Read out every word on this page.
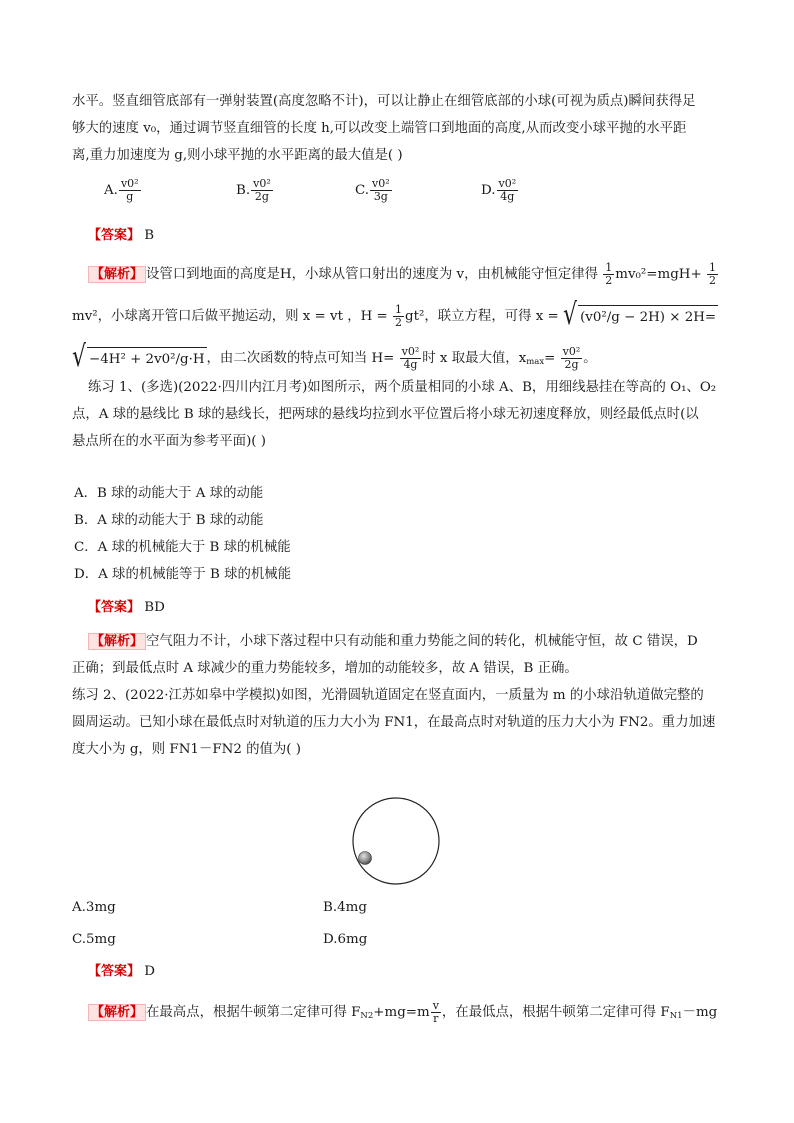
水平。竖直细管底部有一弹射装置(高度忽略不计)，可以让静止在细管底部的小球(可视为质点)瞬间获得足
够大的速度 v₀，通过调节竖直细管的长度 h,可以改变上端管口到地面的高度,从而改变小球平抛的水平距
离,重力加速度为 g,则小球平抛的水平距离的最大值是( )
A. $\frac{\text{v0²}}{g}$	B. $\frac{\text{v0²}}{2g}$	C. $\frac{\text{v0²}}{3g}$	D. $\frac{\text{v0²}}{4g}$
【答案】 B
【解析】 设管口到地面的高度是H，小球从管口射出的速度为 v，由机械能守恒定律得 $\frac{1}{2} mv_0^2=mgH+ \frac{1}{2}$
mv²，小球离开管口后做平抛运动，则 x = vt ，$H = \frac{1}{2} gt^2$，联立方程，可得 x = √ (v0²/g − 2H) × 2H=
√ −4H² + 2v0²/g·H ，由二次函数的特点可知当 $H= \frac{\text{v0²}}{4g}$ 时 x 取最大值，$x_{max}= \frac{\text{v0²}}{2g}$ 。
练习 1、(多选)(2022·四川内江月考)如图所示，两个质量相同的小球 A、B，用细线悬挂在等高的 O₁、O₂
点，A 球的悬线比 B 球的悬线长，把两球的悬线均拉到水平位置后将小球无初速度释放，则经最低点时(以
悬点所在的水平面为参考平面)( )
A．B 球的动能大于 A 球的动能
B．A 球的动能大于 B 球的动能
C．A 球的机械能大于 B 球的机械能
D．A 球的机械能等于 B 球的机械能
【答案】 BD
【解析】 空气阻力不计，小球下落过程中只有动能和重力势能之间的转化，机械能守恒，故 C 错误，D
正确；到最低点时 A 球减少的重力势能较多，增加的动能较多，故 A 错误，B 正确。
练习 2、(2022·江苏如皋中学模拟)如图，光滑圆轨道固定在竖直面内，一质量为 m 的小球沿轨道做完整的
圆周运动。已知小球在最低点时对轨道的压力大小为 FN1，在最高点时对轨道的压力大小为 FN2。重力加速
度大小为 g，则 FN1－FN2 的值为( )
A.3mg	B.4mg
C.5mg	D.6mg
【答案】 D
【解析】 在最高点，根据牛顿第二定律可得 $F_{N2}+mg=m \frac{v}{r}$ ，在最低点，根据牛顿第二定律可得 $F_{N1}-mg$
